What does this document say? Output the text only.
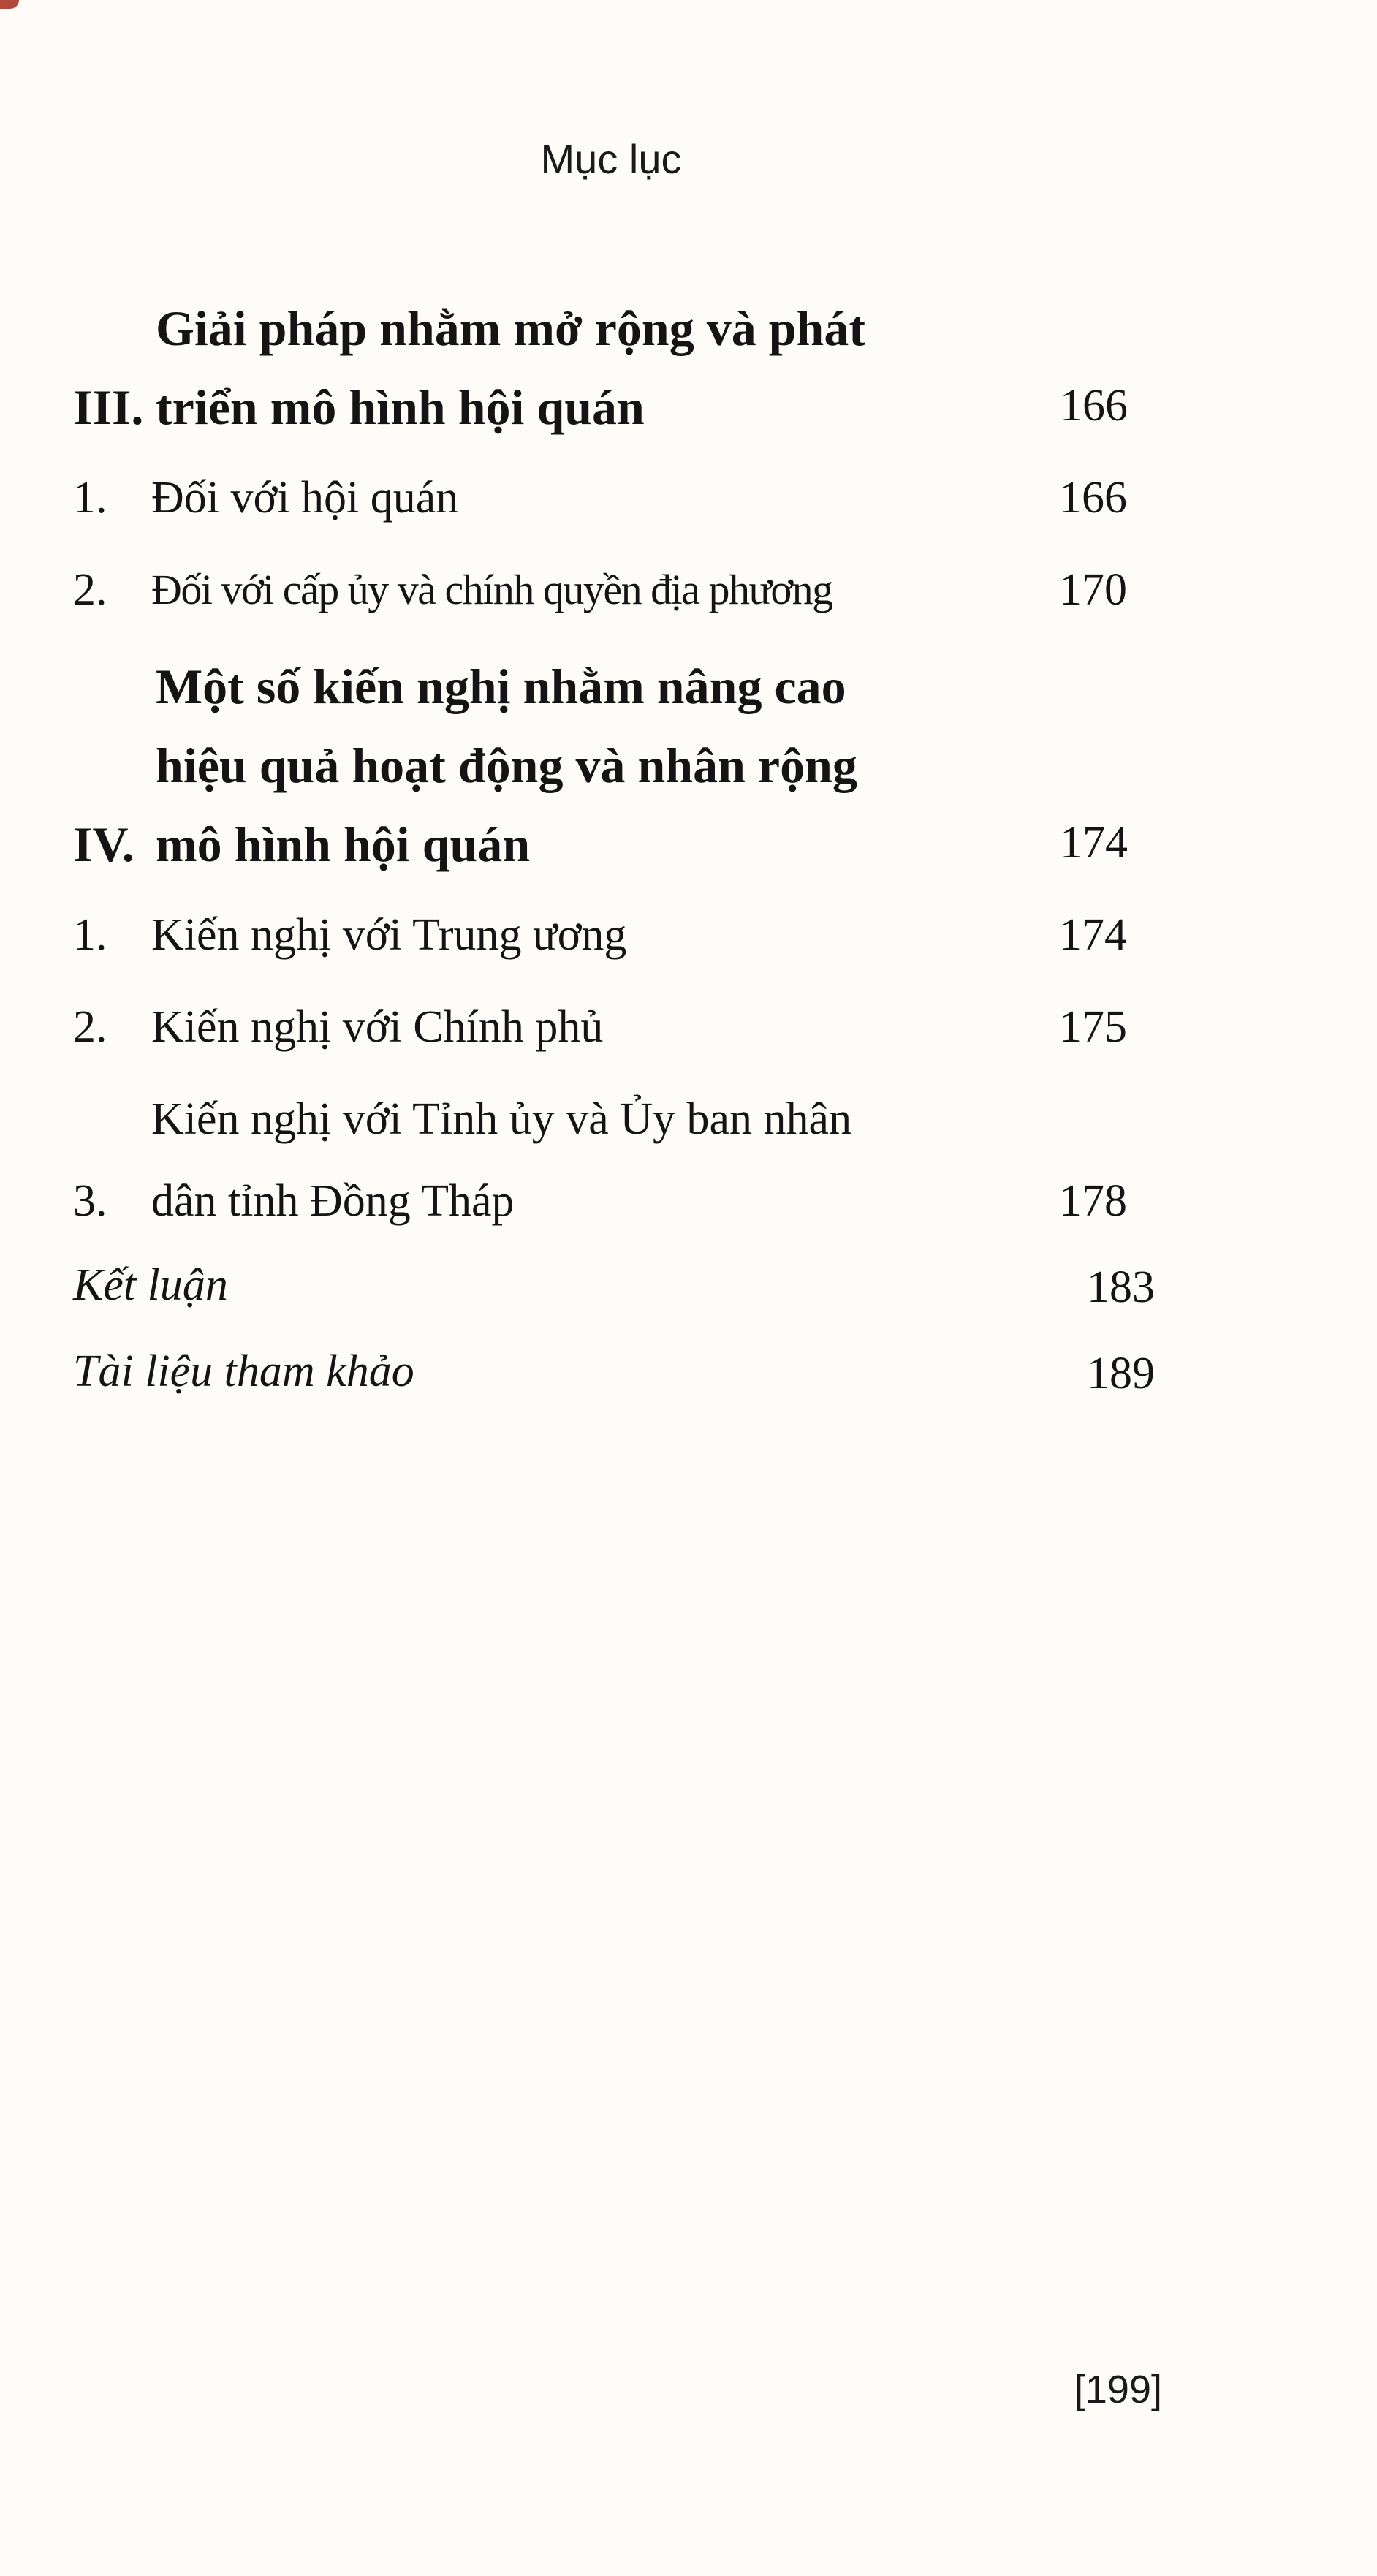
Mục lục
III.
Giải pháp nhằm mở rộng và phát
triển mô hình hội quán	166
1. Đối với hội quán	166
2.	Đối với cấp ủy và chính quyền địa phương	170
IV.
Một số kiến nghị nhằm nâng cao
hiệu quả hoạt động và nhân rộng
mô hình hội quán	174
1. Kiến nghị với Trung ương	174
2. Kiến nghị với Chính phủ	175
3.
Kiến nghị với Tỉnh ủy và Ủy ban nhân
dân tỉnh Đồng Tháp	178
Kết luận	183
Tài liệu tham khảo	189
[199]
